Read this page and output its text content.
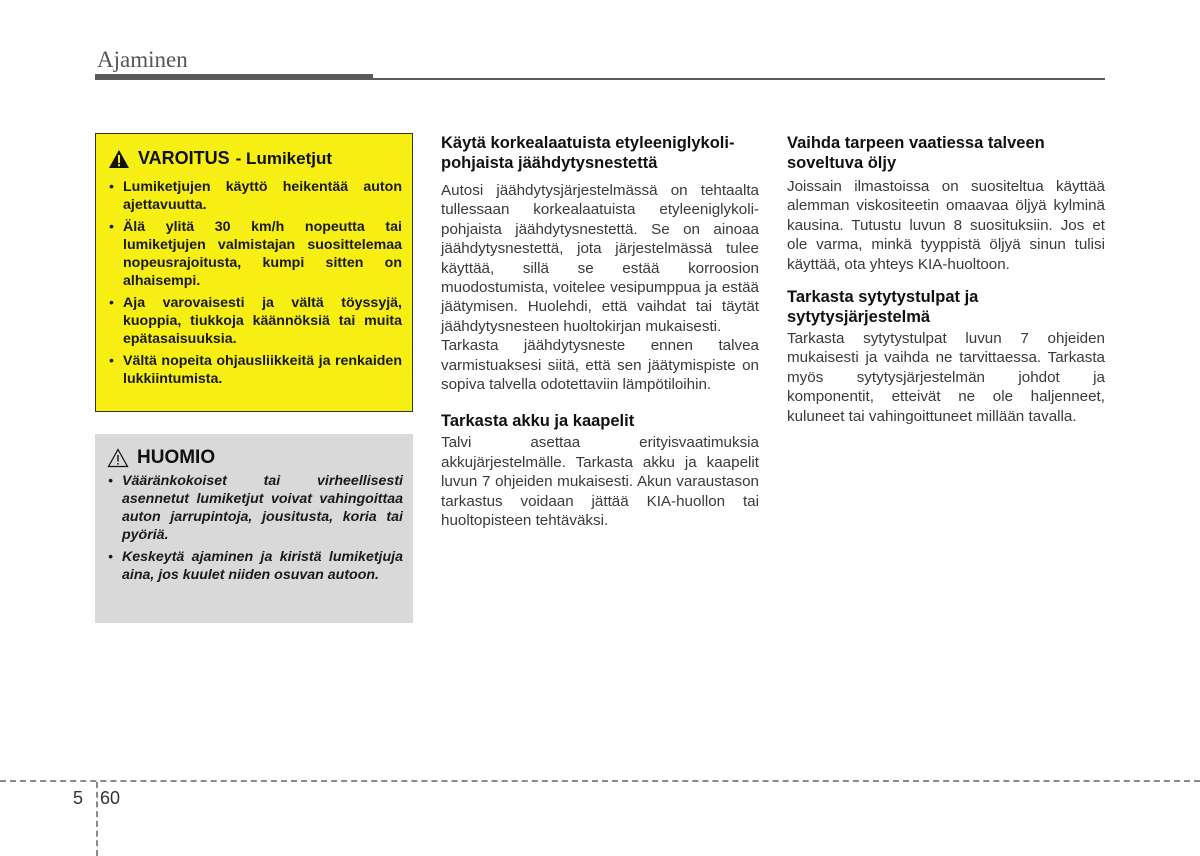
Ajaminen
VAROITUS - Lumiketjut
• Lumiketjujen käyttö heikentää auton ajettavuutta.
• Älä ylitä 30 km/h nopeutta tai lumiketjujen valmistajan suosittelemaa nopeusrajoitusta, kumpi sitten on alhaisempi.
• Aja varovaisesti ja vältä töyssyjä, kuoppia, tiukkoja käännöksiä tai muita epätasaisuuksia.
• Vältä nopeita ohjausliikkeitä ja renkaiden lukkiintumista.
HUOMIO
• Vääränkokoiset tai virheellisesti asennetut lumiketjut voivat vahingoittaa auton jarrupintoja, jousitusta, koria tai pyöriä.
• Keskeytä ajaminen ja kiristä lumiketjuja aina, jos kuulet niiden osuvan autoon.
Käytä korkealaatuista etyleeniglykoli-pohjaista jäähdytysnestettä

Autosi jäähdytysjärjestelmässä on tehtaalta tullessaan korkealaatuista etyleeniglykoli-pohjaista jäähdytysnestettä. Se on ainoaa jäähdytysnestettä, jota järjestelmässä tulee käyttää, sillä se estää korroosion muodostumista, voitelee vesipumppua ja estää jäätymisen. Huolehdi, että vaihdat tai täytät jäähdytysnesteen huoltokirjan mukaisesti.

Tarkasta jäähdytysneste ennen talvea varmistuaksesi siitä, että sen jäätymispiste on sopiva talvella odotettaviin lämpötiloihin.

Tarkasta akku ja kaapelit

Talvi asettaa erityisvaatimuksia akkujärjestelmälle. Tarkasta akku ja kaapelit luvun 7 ohjeiden mukaisesti. Akun varaustason tarkastus voidaan jättää KIA-huollon tai huoltopisteen tehtäväksi.

Vaihda tarpeen vaatiessa talveen soveltuva öljy

Joissain ilmastoissa on suositeltua käyttää alemman viskositeetin omaavaa öljyä kylminä kausina. Tutustu luvun 8 suosituksiin. Jos et ole varma, minkä tyyppistä öljyä sinun tulisi käyttää, ota yhteys KIA-huoltoon.

Tarkasta sytytystulpat ja sytytysjärjestelmä

Tarkasta sytytystulpat luvun 7 ohjeiden mukaisesti ja vaihda ne tarvittaessa. Tarkasta myös sytytysjärjestelmän johdot ja komponentit, etteivät ne ole haljenneet, kuluneet tai vahingoittuneet millään tavalla.

5 60
